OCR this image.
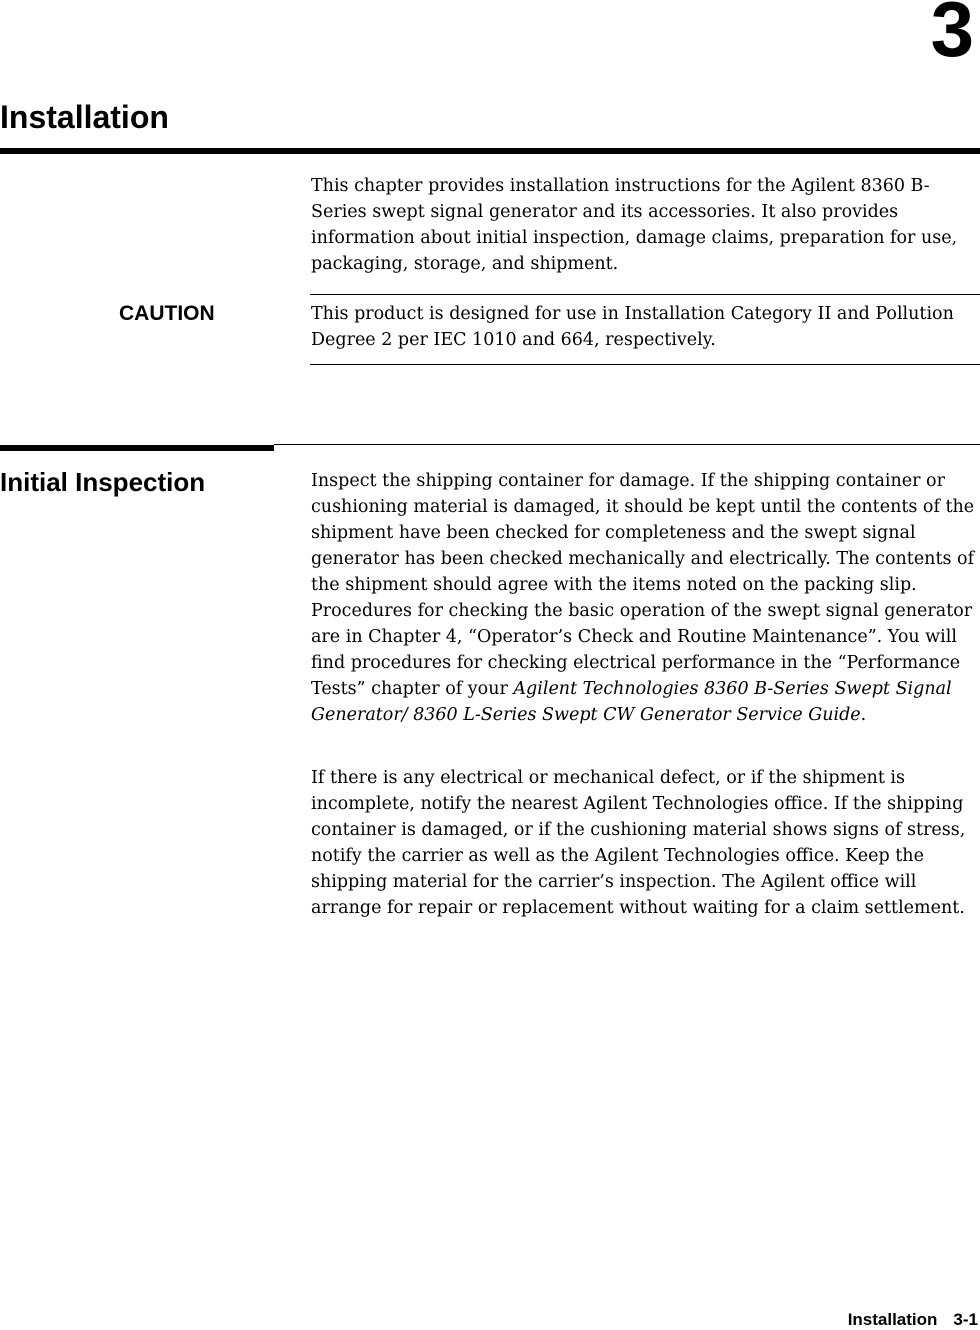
3
Installation

This chapter provides installation instructions for the Agilent 8360 B-Series swept signal generator and its accessories. It also provides information about initial inspection, damage claims, preparation for use, packaging, storage, and shipment.

CAUTION	This product is designed for use in Installation Category II and Pollution Degree 2 per IEC 1010 and 664, respectively.

Initial Inspection	Inspect the shipping container for damage. If the shipping container or cushioning material is damaged, it should be kept until the contents of the shipment have been checked for completeness and the swept signal generator has been checked mechanically and electrically. The contents of the shipment should agree with the items noted on the packing slip. Procedures for checking the basic operation of the swept signal generator are in Chapter 4, “Operator’s Check and Routine Maintenance”. You will find procedures for checking electrical performance in the “Performance Tests” chapter of your Agilent Technologies 8360 B-Series Swept Signal Generator/ 8360 L-Series Swept CW Generator Service Guide.

If there is any electrical or mechanical defect, or if the shipment is incomplete, notify the nearest Agilent Technologies office. If the shipping container is damaged, or if the cushioning material shows signs of stress, notify the carrier as well as the Agilent Technologies office. Keep the shipping material for the carrier’s inspection. The Agilent office will arrange for repair or replacement without waiting for a claim settlement.

Installation 3-1
